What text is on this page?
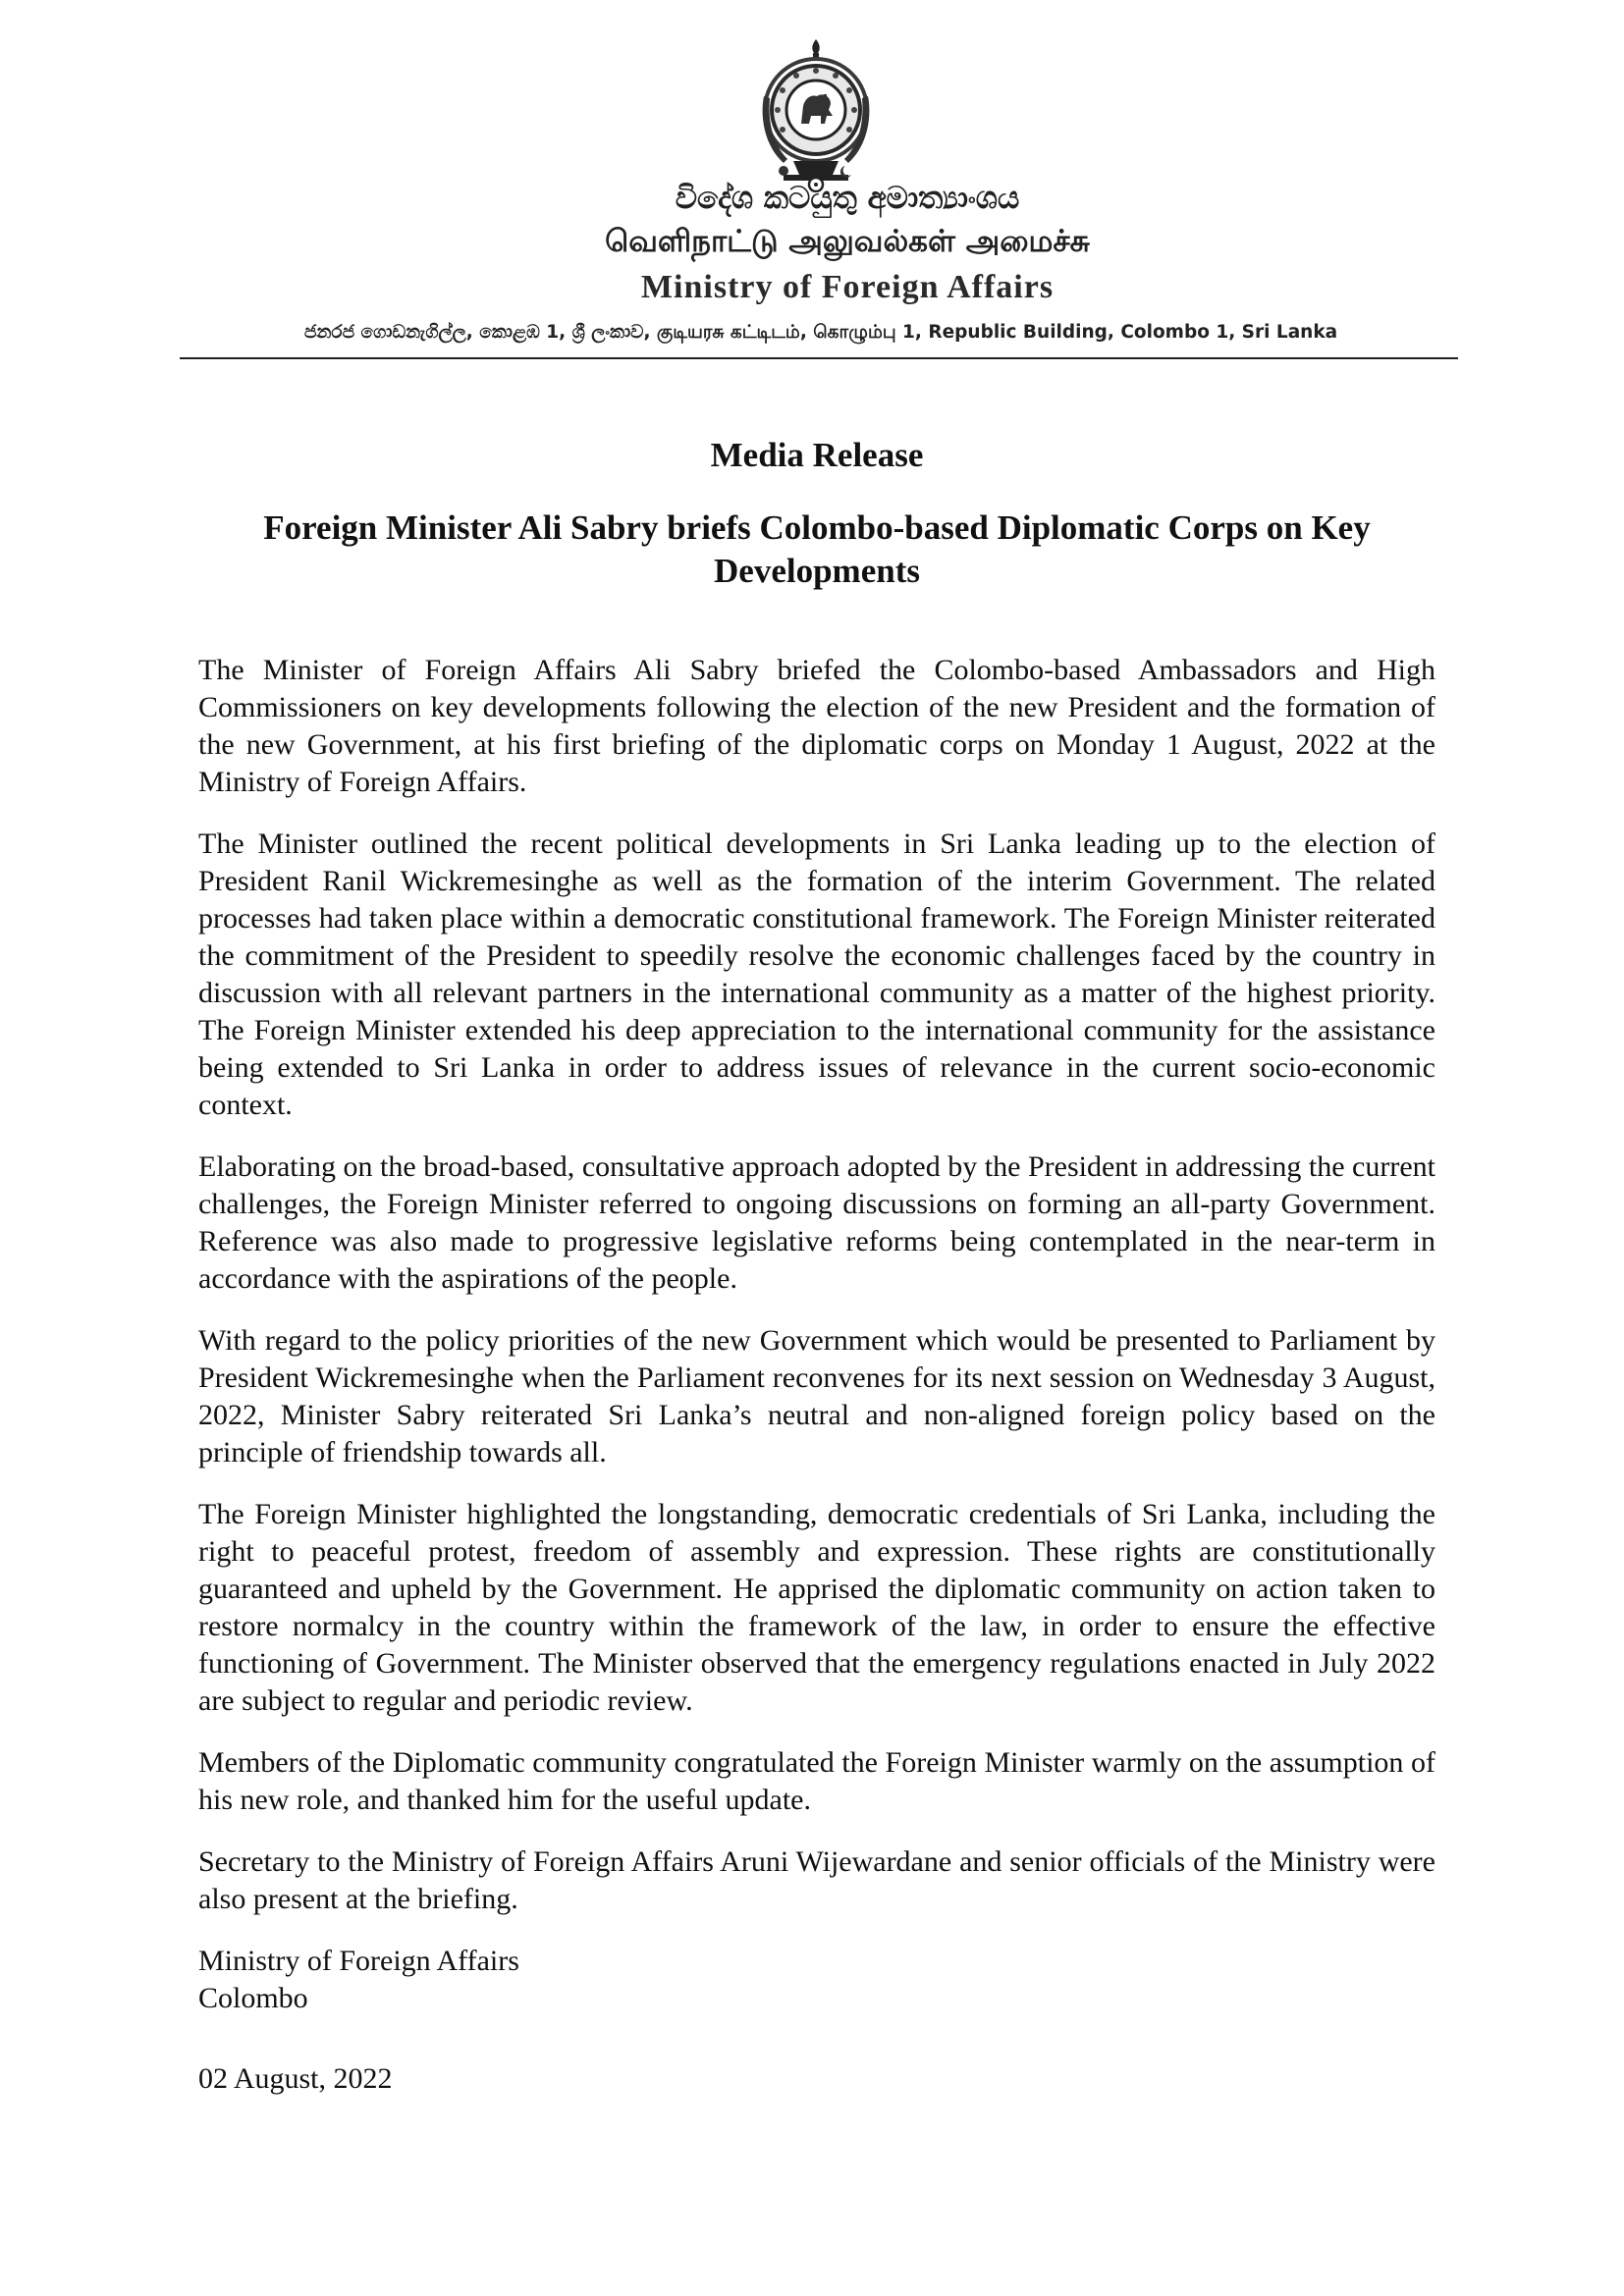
විදේශ කටයුතු අමාත්‍යාංශය
வெளிநாட்டு அலுவல்கள் அமைச்சு
Ministry of Foreign Affairs
ජනරජ ගොඩනැගිල්ල, කොළඹ 1, ශ්‍රී ලංකාව, குடியரசு கட்டிடம், கொழும்பு 1, Republic Building, Colombo 1, Sri Lanka
Media Release
Foreign Minister Ali Sabry briefs Colombo-based Diplomatic Corps on Key Developments

The Minister of Foreign Affairs Ali Sabry briefed the Colombo-based Ambassadors and High Commissioners on key developments following the election of the new President and the formation of the new Government, at his first briefing of the diplomatic corps on Monday 1 August, 2022 at the Ministry of Foreign Affairs.

The Minister outlined the recent political developments in Sri Lanka leading up to the election of President Ranil Wickremesinghe as well as the formation of the interim Government. The related processes had taken place within a democratic constitutional framework. The Foreign Minister reiterated the commitment of the President to speedily resolve the economic challenges faced by the country in discussion with all relevant partners in the international community as a matter of the highest priority. The Foreign Minister extended his deep appreciation to the international community for the assistance being extended to Sri Lanka in order to address issues of relevance in the current socio-economic context.

Elaborating on the broad-based, consultative approach adopted by the President in addressing the current challenges, the Foreign Minister referred to ongoing discussions on forming an all-party Government. Reference was also made to progressive legislative reforms being contemplated in the near-term in accordance with the aspirations of the people.

With regard to the policy priorities of the new Government which would be presented to Parliament by President Wickremesinghe when the Parliament reconvenes for its next session on Wednesday 3 August, 2022, Minister Sabry reiterated Sri Lanka’s neutral and non-aligned foreign policy based on the principle of friendship towards all.

The Foreign Minister highlighted the longstanding, democratic credentials of Sri Lanka, including the right to peaceful protest, freedom of assembly and expression. These rights are constitutionally guaranteed and upheld by the Government. He apprised the diplomatic community on action taken to restore normalcy in the country within the framework of the law, in order to ensure the effective functioning of Government. The Minister observed that the emergency regulations enacted in July 2022 are subject to regular and periodic review.

Members of the Diplomatic community congratulated the Foreign Minister warmly on the assumption of his new role, and thanked him for the useful update.

Secretary to the Ministry of Foreign Affairs Aruni Wijewardane and senior officials of the Ministry were also present at the briefing.

Ministry of Foreign Affairs

Colombo

02 August, 2022
